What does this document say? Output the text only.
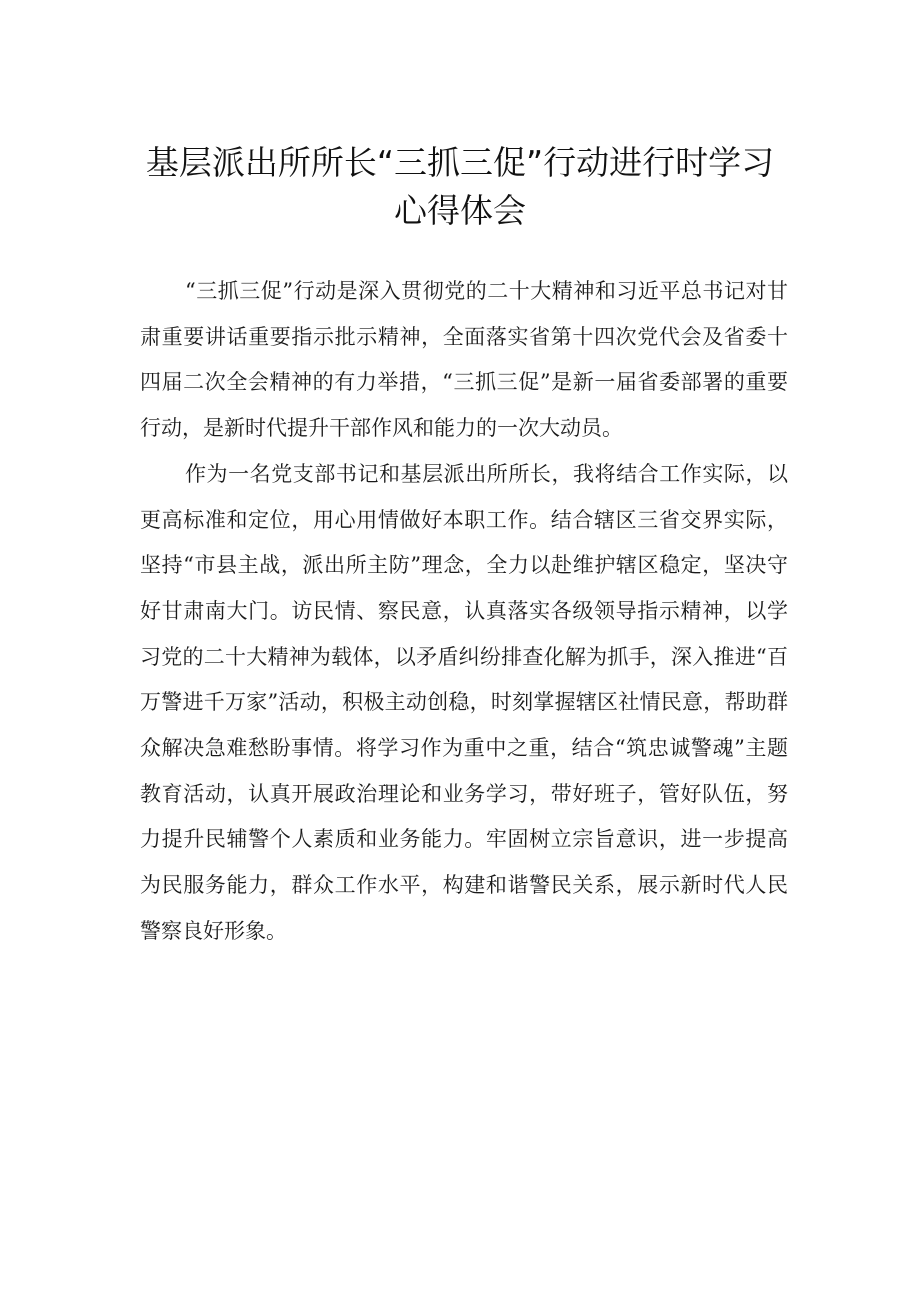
基层派出所所长“三抓三促”行动进行时学习
心得体会

“三抓三促”行动是深入贯彻党的二十大精神和习近平总书记对甘肃重要讲话重要指示批示精神，全面落实省第十四次党代会及省委十四届二次全会精神的有力举措，“三抓三促”是新一届省委部署的重要行动，是新时代提升干部作风和能力的一次大动员。

作为一名党支部书记和基层派出所所长，我将结合工作实际，以更高标准和定位，用心用情做好本职工作。结合辖区三省交界实际，坚持“市县主战，派出所主防”理念，全力以赴维护辖区稳定，坚决守好甘肃南大门。访民情、察民意，认真落实各级领导指示精神，以学习党的二十大精神为载体，以矛盾纠纷排查化解为抓手，深入推进“百万警进千万家”活动，积极主动创稳，时刻掌握辖区社情民意，帮助群众解决急难愁盼事情。将学习作为重中之重，结合“筑忠诚警魂”主题教育活动，认真开展政治理论和业务学习，带好班子，管好队伍，努力提升民辅警个人素质和业务能力。牢固树立宗旨意识，进一步提高为民服务能力，群众工作水平，构建和谐警民关系，展示新时代人民警察良好形象。
